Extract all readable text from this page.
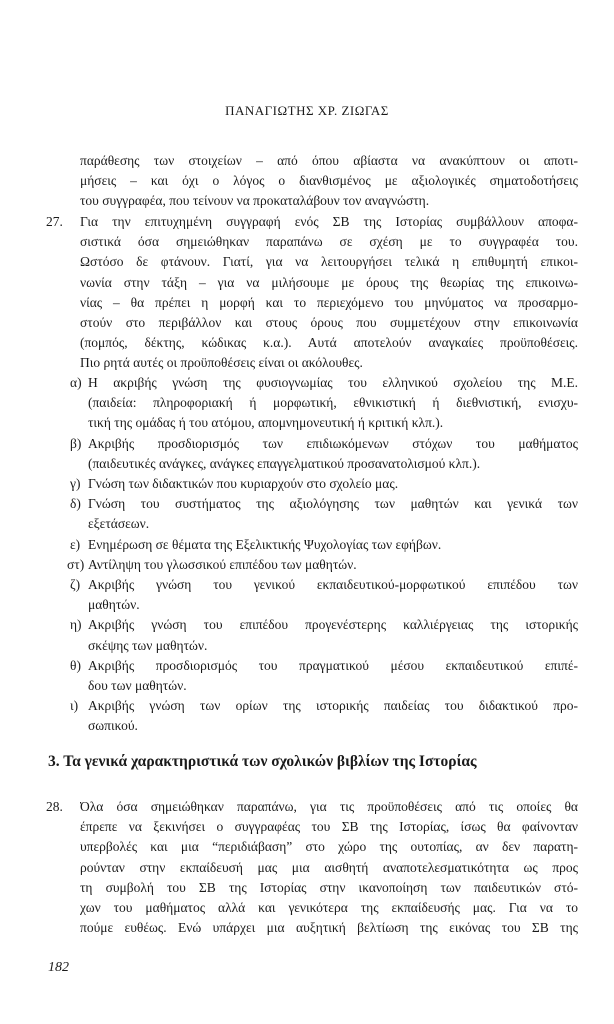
ΠΑΝΑΓΙΩΤΗΣ ΧΡ. ΖΙΩΓΑΣ
παράθεσης των στοιχείων – από όπου αβίαστα να ανακύπτουν οι αποτι-
μήσεις – και όχι ο λόγος ο διανθισμένος με αξιολογικές σηματοδοτήσεις
του συγγραφέα, που τείνουν να προκαταλάβουν τον αναγνώστη.
27. Για την επιτυχημένη συγγραφή ενός ΣΒ της Ιστορίας συμβάλλουν αποφα-
σιστικά όσα σημειώθηκαν παραπάνω σε σχέση με το συγγραφέα του.
Ωστόσο δε φτάνουν. Γιατί, για να λειτουργήσει τελικά η επιθυμητή επικοι-
νωνία στην τάξη – για να μιλήσουμε με όρους της θεωρίας της επικοινω-
νίας – θα πρέπει η μορφή και το περιεχόμενο του μηνύματος να προσαρμο-
στούν στο περιβάλλον και στους όρους που συμμετέχουν στην επικοινωνία
(πομπός, δέκτης, κώδικας κ.α.). Αυτά αποτελούν αναγκαίες προϋποθέσεις.
Πιο ρητά αυτές οι προϋποθέσεις είναι οι ακόλουθες.
α) Η ακριβής γνώση της φυσιογνωμίας του ελληνικού σχολείου της Μ.Ε.
(παιδεία: πληροφοριακή ή μορφωτική, εθνικιστική ή διεθνιστική, ενισχυ-
τική της ομάδας ή του ατόμου, απομνημονευτική ή κριτική κλπ.).
β) Ακριβής προσδιορισμός των επιδιωκόμενων στόχων του μαθήματος
(παιδευτικές ανάγκες, ανάγκες επαγγελματικού προσανατολισμού κλπ.).
γ) Γνώση των διδακτικών που κυριαρχούν στο σχολείο μας.
δ) Γνώση του συστήματος της αξιολόγησης των μαθητών και γενικά των
εξετάσεων.
ε) Ενημέρωση σε θέματα της Εξελικτικής Ψυχολογίας των εφήβων.
στ) Αντίληψη του γλωσσικού επιπέδου των μαθητών.
ζ) Ακριβής γνώση του γενικού εκπαιδευτικού-μορφωτικού επιπέδου των
μαθητών.
η) Ακριβής γνώση του επιπέδου προγενέστερης καλλιέργειας της ιστορικής
σκέψης των μαθητών.
θ) Ακριβής προσδιορισμός του πραγματικού μέσου εκπαιδευτικού επιπέ-
δου των μαθητών.
ι) Ακριβής γνώση των ορίων της ιστορικής παιδείας του διδακτικού προ-
σωπικού.
3. Τα γενικά χαρακτηριστικά των σχολικών βιβλίων της Ιστορίας
28. Όλα όσα σημειώθηκαν παραπάνω, για τις προϋποθέσεις από τις οποίες θα
έπρεπε να ξεκινήσει ο συγγραφέας του ΣΒ της Ιστορίας, ίσως θα φαίνονταν
υπερβολές και μια “περιδιάβαση” στο χώρο της ουτοπίας, αν δεν παρατη-
ρούνταν στην εκπαίδευσή μας μια αισθητή αναποτελεσματικότητα ως προς
τη συμβολή του ΣΒ της Ιστορίας στην ικανοποίηση των παιδευτικών στό-
χων του μαθήματος αλλά και γενικότερα της εκπαίδευσής μας. Για να το
πούμε ευθέως. Ενώ υπάρχει μια αυξητική βελτίωση της εικόνας του ΣΒ της
182
